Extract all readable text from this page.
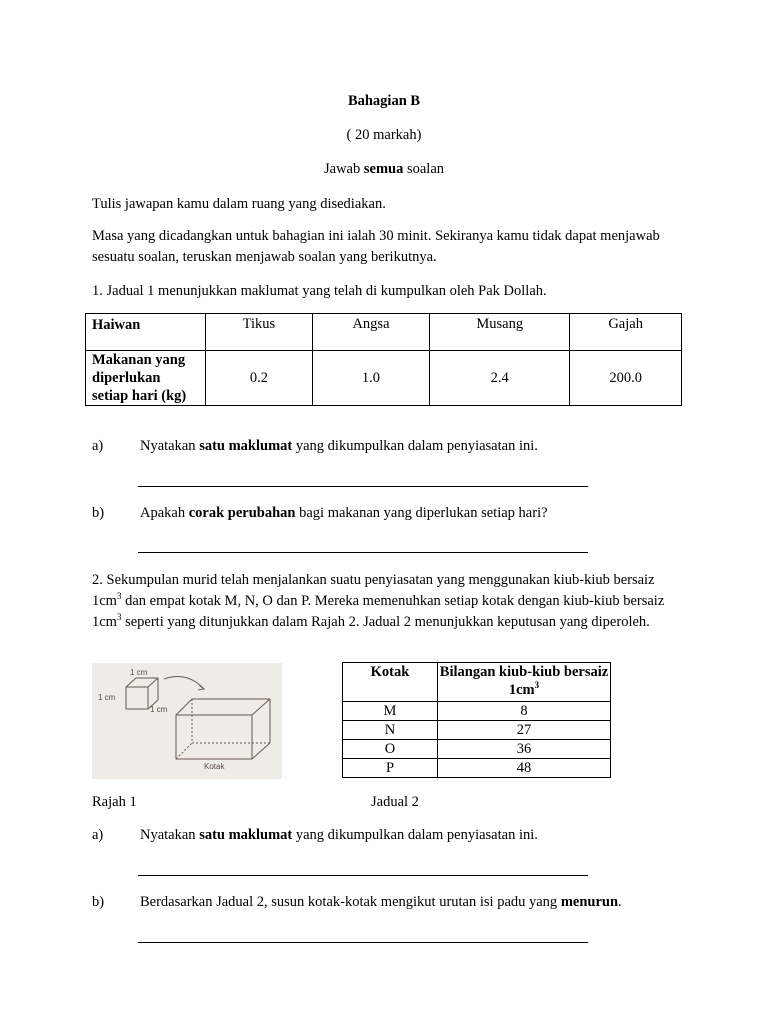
Bahagian B
( 20 markah)
Jawab semua soalan

Tulis jawapan kamu dalam ruang yang disediakan.

Masa yang dicadangkan untuk bahagian ini ialah 30 minit. Sekiranya kamu tidak dapat menjawab sesuatu soalan, teruskan menjawab soalan yang berikutnya.

1. Jadual 1 menunjukkan maklumat yang telah di kumpulkan oleh Pak Dollah.

Haiwan	Tikus	Angsa	Musang	Gajah
Makanan yang diperlukan setiap hari (kg)	0.2	1.0	2.4	200.0
a)	Nyatakan satu maklumat yang dikumpulkan dalam penyiasatan ini.
b) Apakah corak perubahan bagi makanan yang diperlukan setiap hari?

2. Sekumpulan murid telah menjalankan suatu penyiasatan yang menggunakan kiub-kiub bersaiz $1cm^3$ dan empat kotak M, N, O dan P. Mereka memenuhkan setiap kotak dengan kiub-kiub bersaiz $1cm^3$ seperti yang ditunjukkan dalam Rajah 2. Jadual 2 menunjukkan keputusan yang diperoleh.

1 cm
1 cm
1 cm
Kotak
Kotak	Bilangan kiub-kiub bersaiz $1cm^3$
M	8
N	27
O	36
P	48
Rajah 1	Jadual 2
a)	Nyatakan satu maklumat yang dikumpulkan dalam penyiasatan ini.
b) Berdasarkan Jadual 2, susun kotak-kotak mengikut urutan isi padu yang menurun.
